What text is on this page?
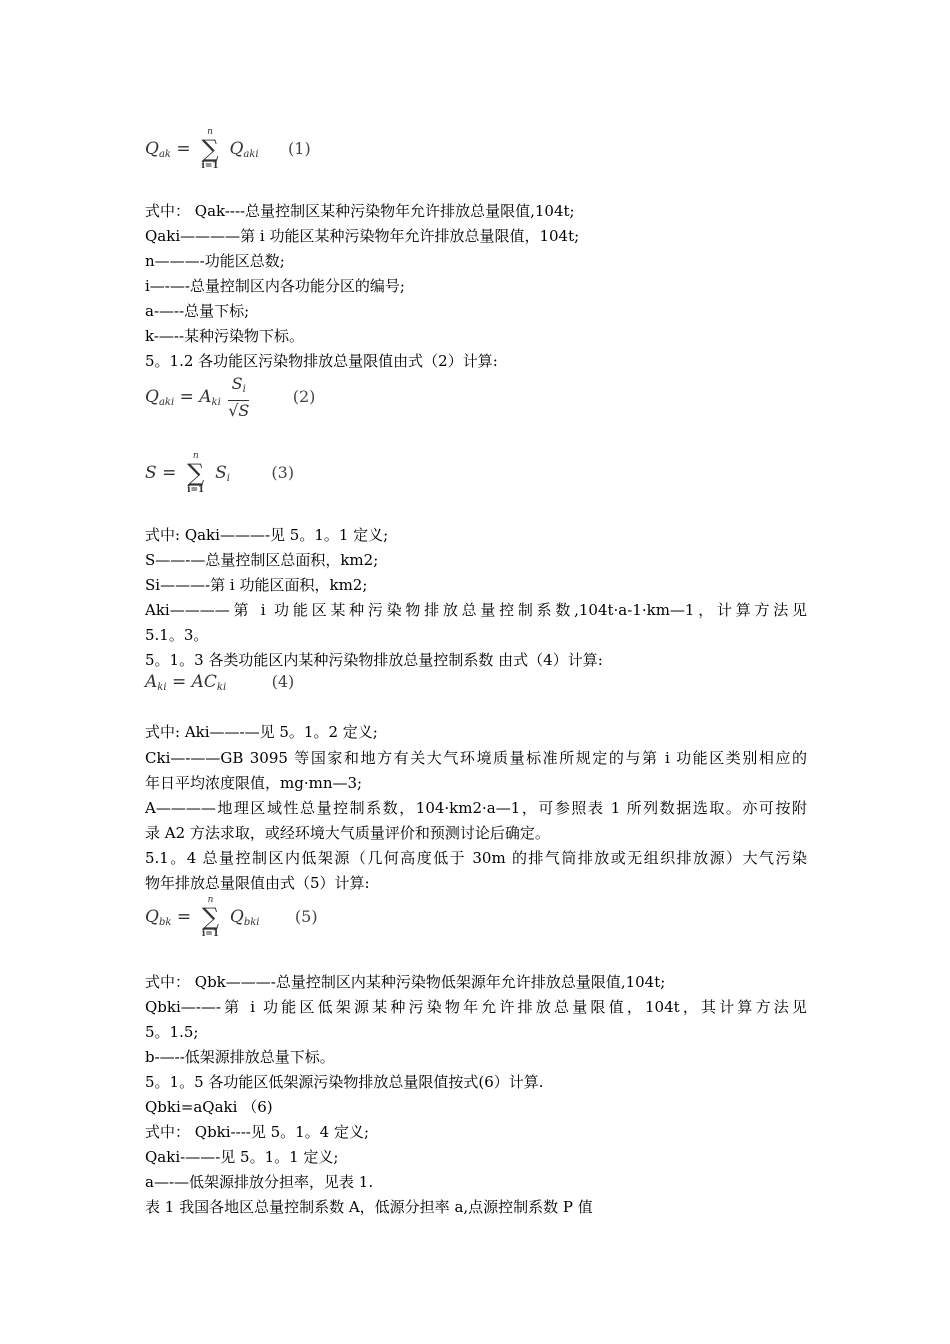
$Q_{ak}$ =
n
∑
i=1
$Q_{aki}$ (1)
式中： Qak----总量控制区某种污染物年允许排放总量限值,104t;
Qaki————第 i 功能区某种污染物年允许排放总量限值，104t;
n———-功能区总数;
i—-—-总量控制区内各功能分区的编号;
a-—--总量下标;
k-—--某种污染物下标。
5。1.2 各功能区污染物排放总量限值由式（2）计算:
$Q_{aki} = A_{ki} \frac{S_i}{√S}$	(2)
S =
n
∑
i=1
$S_i$	(3)
式中: Qaki———-见 5。1。1 定义;
S——-—总量控制区总面积，km2;
Si———-第 i 功能区面积，km2;
Aki————第 i 功能区某种污染物排放总量控制系数,104t·a-1·km—1，计算方法见
5.1。3。
5。1。3 各类功能区内某种污染物排放总量控制系数 由式（4）计算:
$A_{ki} = AC_{ki}$	(4)
式中: Aki——-—见 5。1。2 定义;
Cki—-——GB 3095 等国家和地方有关大气环境质量标准所规定的与第 i 功能区类别相应的
年日平均浓度限值，mg·mn—3;
A————地理区域性总量控制系数，104·km2·a—1，可参照表 1 所列数据选取。亦可按附
录 A2 方法求取，或经环境大气质量评价和预测讨论后确定。
5.1。4 总量控制区内低架源（几何高度低于 30m 的排气筒排放或无组织排放源）大气污染
物年排放总量限值由式（5）计算:
$Q_{bk}$ =
n
∑
i=1
$Q_{bki}$ (5)
式中： Qbk———-总量控制区内某种污染物低架源年允许排放总量限值,104t;
Qbki—-—-第 i 功能区低架源某种污染物年允许排放总量限值，104t，其计算方法见
5。1.5;
b-—--低架源排放总量下标。
5。1。5 各功能区低架源污染物排放总量限值按式(6）计算.
Qbki=aQaki （6)
式中： Qbki----见 5。1。4 定义;
Qaki-——-见 5。1。1 定义;
a—-—低架源排放分担率，见表 1.
表 1 我国各地区总量控制系数 A，低源分担率 a,点源控制系数 P 值
